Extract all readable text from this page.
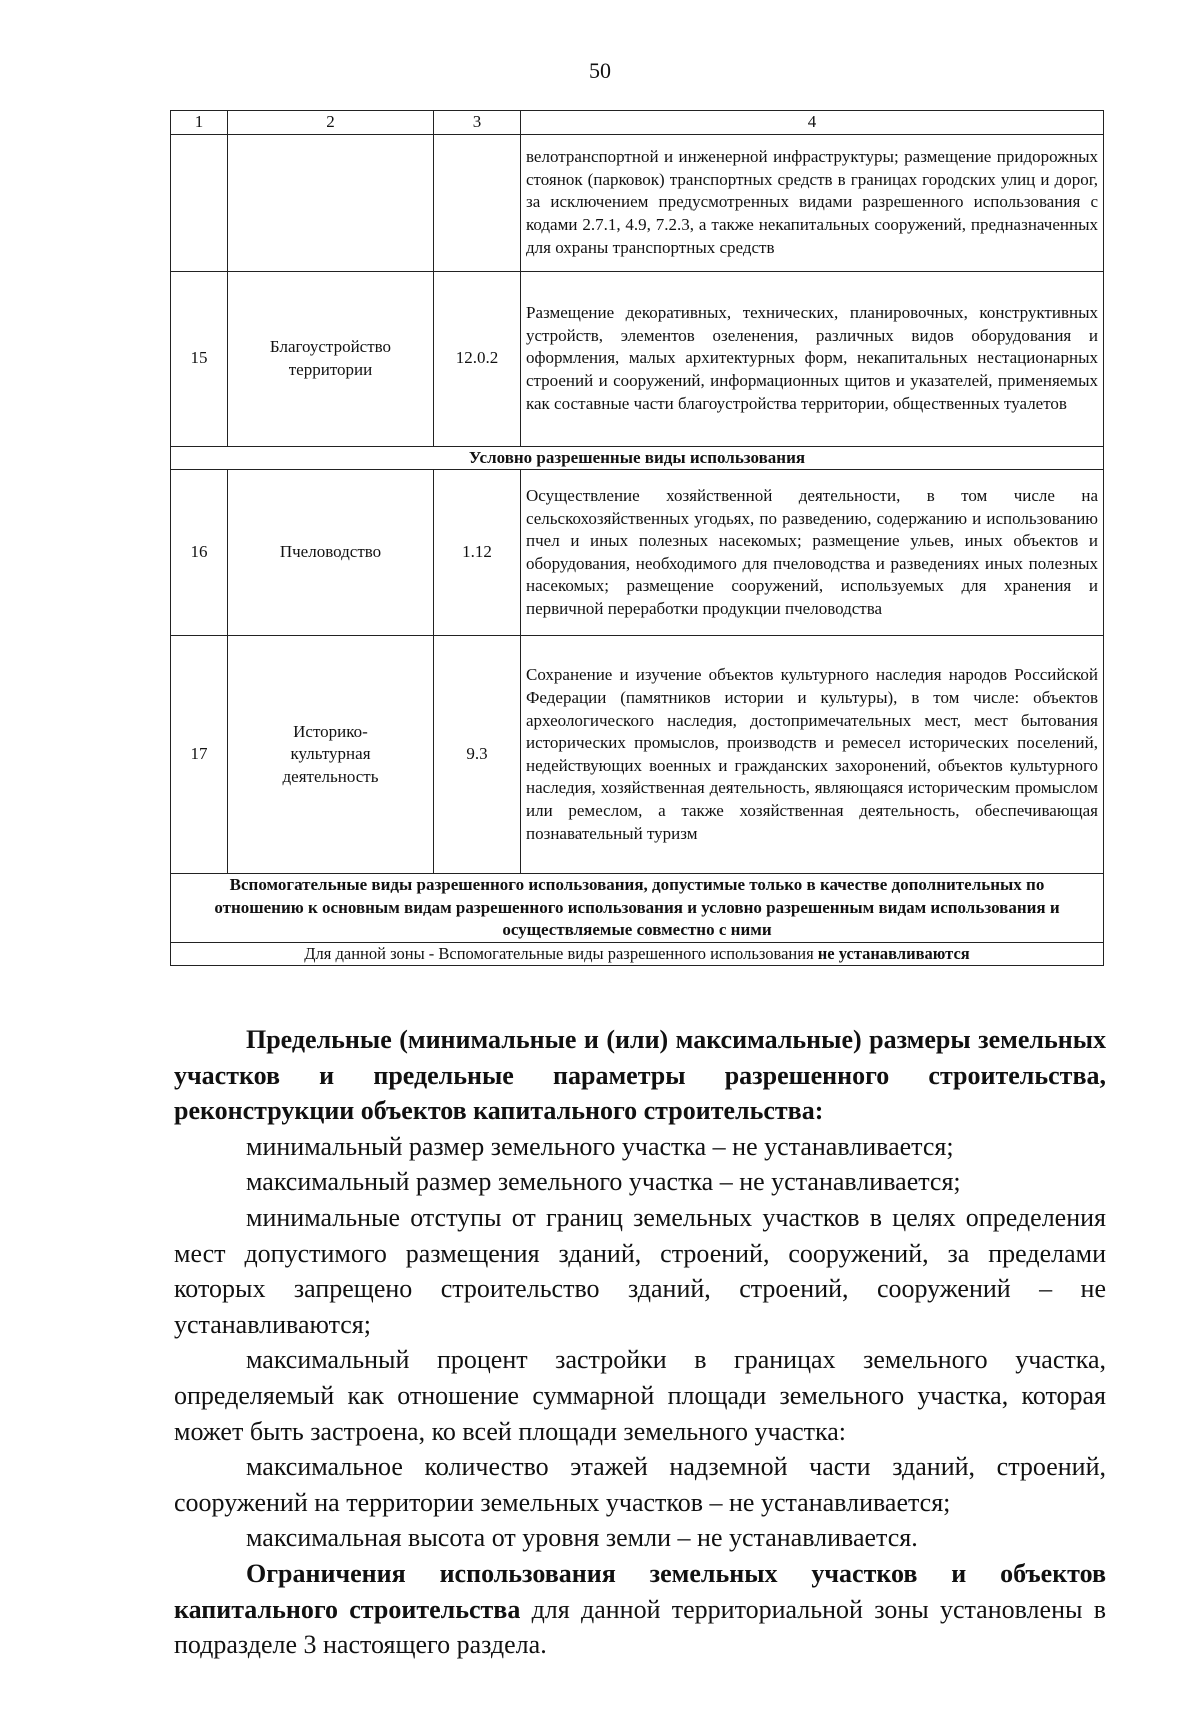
50
1	2	3	4
			велотранспортной и инженерной инфраструктуры; размещение придорожных стоянок (парковок) транспортных средств в границах городских улиц и дорог, за исключением предусмотренных видами разрешенного использования с кодами 2.7.1, 4.9, 7.2.3, а также некапитальных сооружений, предназначенных для охраны транспортных средств
15	Благоустройство территории	12.0.2	Размещение декоративных, технических, планировочных, конструктивных устройств, элементов озеленения, различных видов оборудования и оформления, малых архитектурных форм, некапитальных нестационарных строений и сооружений, информационных щитов и указателей, применяемых как составные части благоустройства территории, общественных туалетов
Условно разрешенные виды использования			
16	Пчеловодство	1.12	Осуществление хозяйственной деятельности, в том числе на сельскохозяйственных угодьях, по разведению, содержанию и использованию пчел и иных полезных насекомых; размещение ульев, иных объектов и оборудования, необходимого для пчеловодства и разведениях иных полезных насекомых; размещение сооружений, используемых для хранения и первичной переработки продукции пчеловодства
17	Историко-культурная деятельность	9.3	Сохранение и изучение объектов культурного наследия народов Российской Федерации (памятников истории и культуры), в том числе: объектов археологического наследия, достопримечательных мест, мест бытования исторических промыслов, производств и ремесел исторических поселений, недействующих военных и гражданских захоронений, объектов культурного наследия, хозяйственная деятельность, являющаяся историческим промыслом или ремеслом, а также хозяйственная деятельность, обеспечивающая познавательный туризм
Вспомогательные виды разрешенного использования, допустимые только в качестве дополнительных по отношению к основным видам разрешенного использования и условно разрешенным видам использования и осуществляемые совместно с ними			
Для данной зоны - Вспомогательные виды разрешенного использования не устанавливаются			

Предельные (минимальные и (или) максимальные) размеры земельных участков и предельные параметры разрешенного строительства, реконструкции объектов капитального строительства:

минимальный размер земельного участка – не устанавливается;

максимальный размер земельного участка – не устанавливается;

минимальные отступы от границ земельных участков в целях определения мест допустимого размещения зданий, строений, сооружений, за пределами которых запрещено строительство зданий, строений, сооружений – не устанавливаются;

максимальный процент застройки в границах земельного участка, определяемый как отношение суммарной площади земельного участка, которая может быть застроена, ко всей площади земельного участка:

максимальное количество этажей надземной части зданий, строений, сооружений на территории земельных участков – не устанавливается;

максимальная высота от уровня земли – не устанавливается.

Ограничения использования земельных участков и объектов капитального строительства для данной территориальной зоны установлены в подразделе 3 настоящего раздела.
